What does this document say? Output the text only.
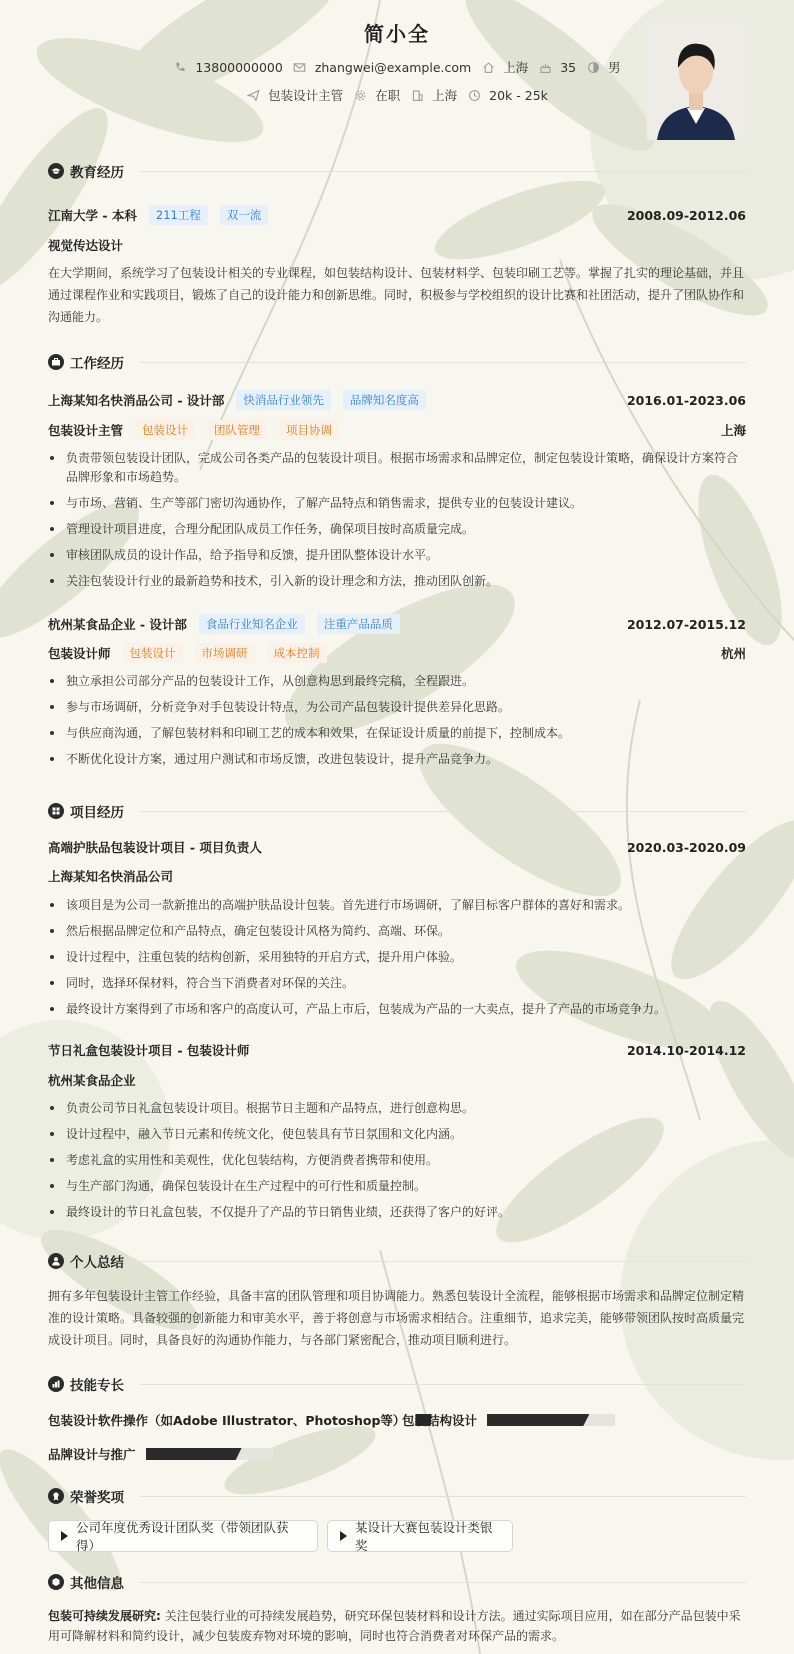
简小全
13800000000	zhangwei@example.com	上海	35	男
包装设计主管	在职	上海	20k - 25k
教育经历
江南大学 - 本科	211工程	双一流	2008.09-2012.06
视觉传达设计
在大学期间，系统学习了包装设计相关的专业课程，如包装结构设计、包装材料学、包装印刷工艺等。掌握了扎实的理论基础，并且通过课程作业和实践项目，锻炼了自己的设计能力和创新思维。同时，积极参与学校组织的设计比赛和社团活动，提升了团队协作和沟通能力。
工作经历
上海某知名快消品公司 - 设计部	快消品行业领先	品牌知名度高	2016.01-2023.06
包装设计主管	包装设计	团队管理	项目协调	上海
负责带领包装设计团队，完成公司各类产品的包装设计项目。根据市场需求和品牌定位，制定包装设计策略，确保设计方案符合品牌形象和市场趋势。
与市场、营销、生产等部门密切沟通协作，了解产品特点和销售需求，提供专业的包装设计建议。
管理设计项目进度，合理分配团队成员工作任务，确保项目按时高质量完成。
审核团队成员的设计作品，给予指导和反馈，提升团队整体设计水平。
关注包装设计行业的最新趋势和技术，引入新的设计理念和方法，推动团队创新。
杭州某食品企业 - 设计部	食品行业知名企业	注重产品品质	2012.07-2015.12
包装设计师	包装设计	市场调研	成本控制	杭州
独立承担公司部分产品的包装设计工作，从创意构思到最终完稿，全程跟进。
参与市场调研，分析竞争对手包装设计特点，为公司产品包装设计提供差异化思路。
与供应商沟通，了解包装材料和印刷工艺的成本和效果，在保证设计质量的前提下，控制成本。
不断优化设计方案，通过用户测试和市场反馈，改进包装设计，提升产品竞争力。
项目经历
高端护肤品包装设计项目 - 项目负责人	2020.03-2020.09
上海某知名快消品公司
该项目是为公司一款新推出的高端护肤品设计包装。首先进行市场调研，了解目标客户群体的喜好和需求。
然后根据品牌定位和产品特点，确定包装设计风格为简约、高端、环保。
设计过程中，注重包装的结构创新，采用独特的开启方式，提升用户体验。
同时，选择环保材料，符合当下消费者对环保的关注。
最终设计方案得到了市场和客户的高度认可，产品上市后，包装成为产品的一大卖点，提升了产品的市场竞争力。
节日礼盒包装设计项目 - 包装设计师	2014.10-2014.12
杭州某食品企业
负责公司节日礼盒包装设计项目。根据节日主题和产品特点，进行创意构思。
设计过程中，融入节日元素和传统文化，使包装具有节日氛围和文化内涵。
考虑礼盒的实用性和美观性，优化包装结构，方便消费者携带和使用。
与生产部门沟通，确保包装设计在生产过程中的可行性和质量控制。
最终设计的节日礼盒包装，不仅提升了产品的节日销售业绩，还获得了客户的好评。
个人总结
拥有多年包装设计主管工作经验，具备丰富的团队管理和项目协调能力。熟悉包装设计全流程，能够根据市场需求和品牌定位制定精准的设计策略。具备较强的创新能力和审美水平，善于将创意与市场需求相结合。注重细节，追求完美，能够带领团队按时高质量完成设计项目。同时，具备良好的沟通协作能力，与各部门紧密配合，推动项目顺利进行。
技能专长
包装设计软件操作（如Adobe Illustrator、Photoshop等）
包装结构设计
品牌设计与推广
荣誉奖项
公司年度优秀设计团队奖（带领团队获得）
某设计大赛包装设计类银奖
其他信息
包装可持续发展研究: 关注包装行业的可持续发展趋势，研究环保包装材料和设计方法。通过实际项目应用，如在部分产品包装中采用可降解材料和简约设计，减少包装废弃物对环境的影响，同时也符合消费者对环保产品的需求。
